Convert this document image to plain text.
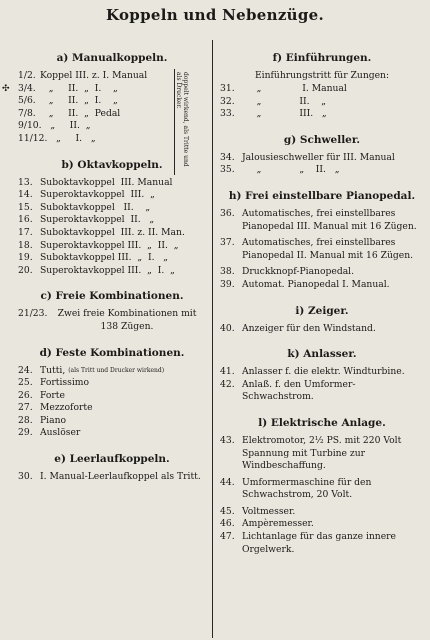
Koppeln und Nebenzüge.
✣
a) Manualkoppeln.
1/2. Koppel III. z. I. Manual
3/4. „     II.  „  I.    „
5/6. „     II.  „  I.    „
7/8. „     II.  „  Pedal
9/10. „     II.  „
11/12. „     I.   „
b) Oktavkoppeln.
13. Suboktavkoppel  III. Manual
14. Superoktavkoppel  III.  „
15. Suboktavkoppel   II.    „
16. Superoktavkoppel  II.   „
17. Suboktavkoppel  III. z. II. Man.
18. Superoktavkoppel III.  „  II.  „
19. Suboktavkoppel III.  „  I.   „
20. Superoktavkoppel III.  „  I.  „
c) Freie Kombinationen.
21/23.	Zwei freie Kombinationen mit 138 Zügen.
d) Feste Kombinationen.
24. Tutti,
(als Tritt und Drucker wirkend)
25. Fortissimo
26. Forte
27. Mezzoforte
28. Piano
29. Auslöser
e) Leerlaufkoppeln.
30. I. Manual-Leerlaufkoppel als Tritt.
doppelt wirkend, als Tritte und als Drucker.
f) Einführungen.
Einführungstritt für Zungen:
31. „              I. Manual
32. „             II.    „
33. „             III.   „
g) Schweller.
34. Jalousieschweller für III. Manual
35. „             „    II.   „
h) Frei einstellbare Pianopedal.
36. Automatisches, frei einstellbares Pianopedal III. Manual mit 16 Zügen.
37. Automatisches, frei einstellbares Pianopedal II. Manual mit 16 Zügen.
38. Druckknopf-Pianopedal.
39. Automat. Pianopedal I. Manual.
i) Zeiger.
40. Anzeiger für den Windstand.
k) Anlasser.
41. Anlasser f. die elektr. Windturbine.
42. Anlaß. f. den Umformer-Schwachstrom.
l) Elektrische Anlage.
43. Elektromotor, 2½ PS. mit 220 Volt Spannung mit Turbine zur Windbeschaffung.
44. Umformermaschine für den Schwachstrom, 20 Volt.
45. Voltmesser.
46. Ampèremesser.
47. Lichtanlage für das ganze innere Orgelwerk.
